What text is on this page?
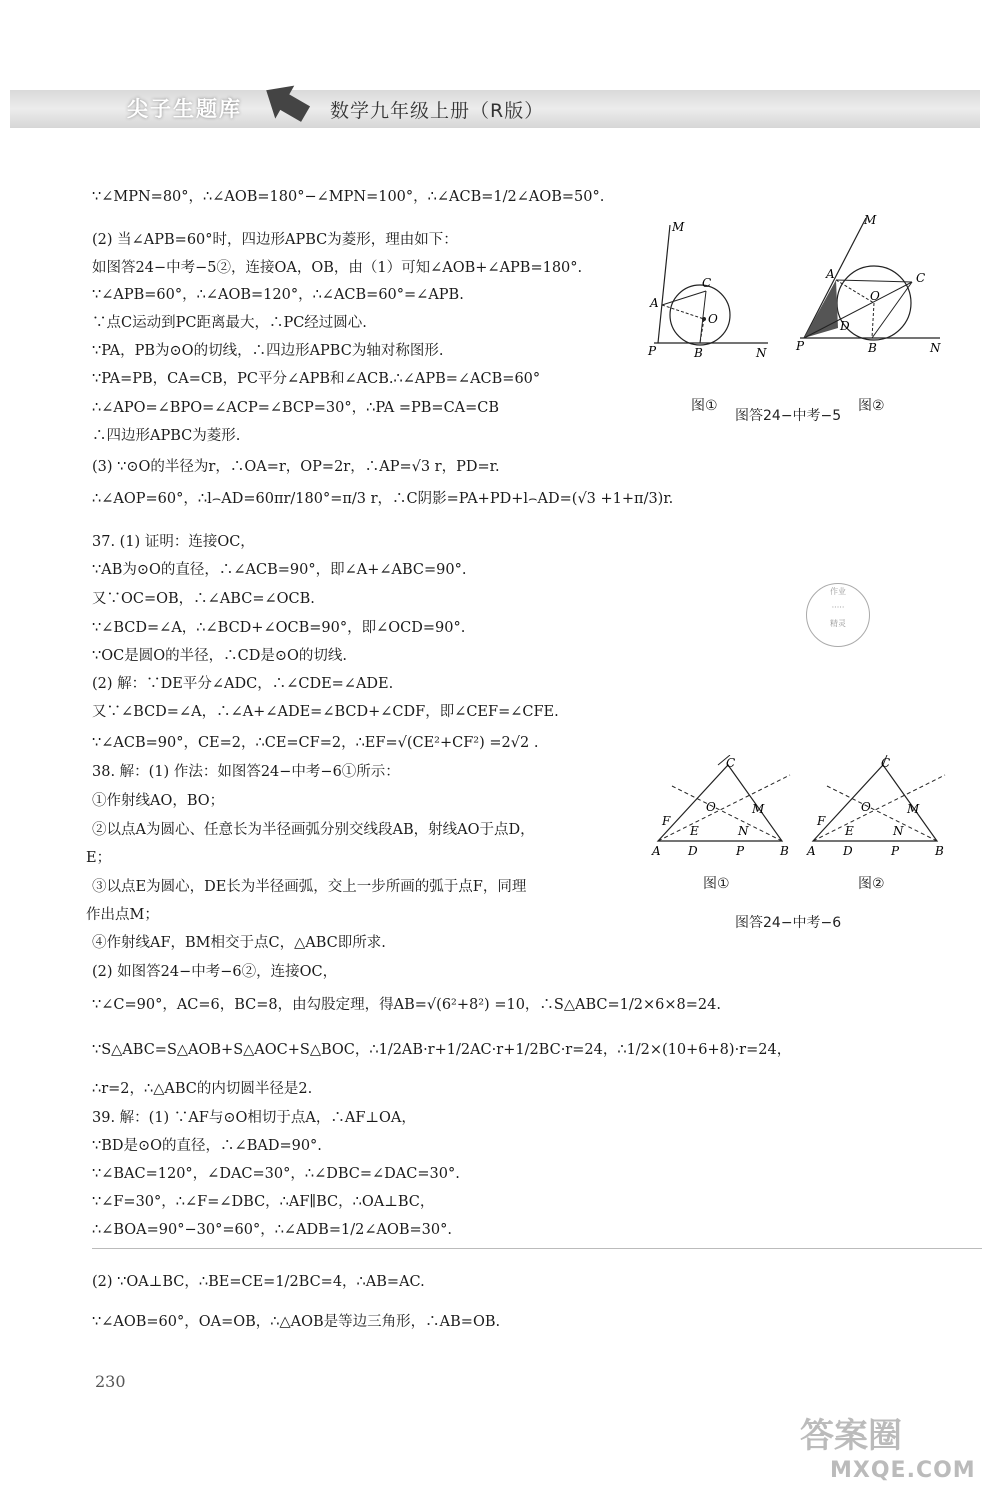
尖子生题库	数学九年级上册（R版）
∵∠MPN=80°，∴∠AOB=180°−∠MPN=100°，∴∠ACB=1/2∠AOB=50°.
(2) 当∠APB=60°时，四边形APBC为菱形，理由如下：
如图答24−中考−5②，连接OA，OB，由（1）可知∠AOB+∠APB=180°.
∵∠APB=60°，∴∠AOB=120°，∴∠ACB=60°=∠APB.
∵点C运动到PC距离最大，∴PC经过圆心.
∵PA，PB为⊙O的切线，∴四边形APBC为轴对称图形.
∵PA=PB，CA=CB，PC平分∠APB和∠ACB.∴∠APB=∠ACB=60°
∴∠APO=∠BPO=∠ACP=∠BCP=30°，∴PA =PB=CA=CB
∴四边形APBC为菱形.
(3) ∵⊙O的半径为r，∴OA=r，OP=2r，∴AP=√3 r，PD=r.
∴∠AOP=60°，∴l⌢AD=60πr/180°=π/3 r，∴C阴影=PA+PD+l⌢AD=(√3 +1+π/3)r.
37. (1) 证明：连接OC，
∵AB为⊙O的直径，∴∠ACB=90°，即∠A+∠ABC=90°.
又∵OC=OB，∴∠ABC=∠OCB.
∵∠BCD=∠A，∴∠BCD+∠OCB=90°，即∠OCD=90°.
∵OC是圆O的半径，∴CD是⊙O的切线.
(2) 解：∵DE平分∠ADC，∴∠CDE=∠ADE.
又∵∠BCD=∠A，∴∠A+∠ADE=∠BCD+∠CDF，即∠CEF=∠CFE.
∵∠ACB=90°，CE=2，∴CE=CF=2，∴EF=√(CE²+CF²) =2√2 .
38. 解：(1) 作法：如图答24−中考−6①所示：
①作射线AO，BO；
②以点A为圆心、任意长为半径画弧分别交线段AB，射线AO于点D，
E；
③以点E为圆心，DE长为半径画弧，交上一步所画的弧于点F，同理
作出点M；
④作射线AF，BM相交于点C，△ABC即所求.
(2) 如图答24−中考−6②，连接OC，
∵∠C=90°，AC=6，BC=8，由勾股定理，得AB=√(6²+8²) =10，∴S△ABC=1/2×6×8=24.
∵S△ABC=S△AOB+S△AOC+S△BOC，∴1/2AB·r+1/2AC·r+1/2BC·r=24，∴1/2×(10+6+8)·r=24，
∴r=2，∴△ABC的内切圆半径是2.
39. 解：(1) ∵AF与⊙O相切于点A，∴AF⊥OA，
∵BD是⊙O的直径，∴∠BAD=90°.
∵∠BAC=120°，∠DAC=30°，∴∠DBC=∠DAC=30°.
∵∠F=30°，∴∠F=∠DBC，∴AF∥BC，∴OA⊥BC，
∴∠BOA=90°−30°=60°，∴∠ADB=1/2∠AOB=30°.
(2) ∵OA⊥BC，∴BE=CE=1/2BC=4，∴AB=AC.
∵∠AOB=60°，OA=OB，∴△AOB是等边三角形，∴AB=OB.
M
C
A
O
P	B	N
图①
M
A
O
C
D
P	B	N
图②
图答24−中考−5
作业
·····
精灵
C
O	M
F
E	N
A D	P	B
图①
C
O	M
F
E	N
A D	P	B
图②
图答24−中考−6
230
答案圈
MXQE.COM
